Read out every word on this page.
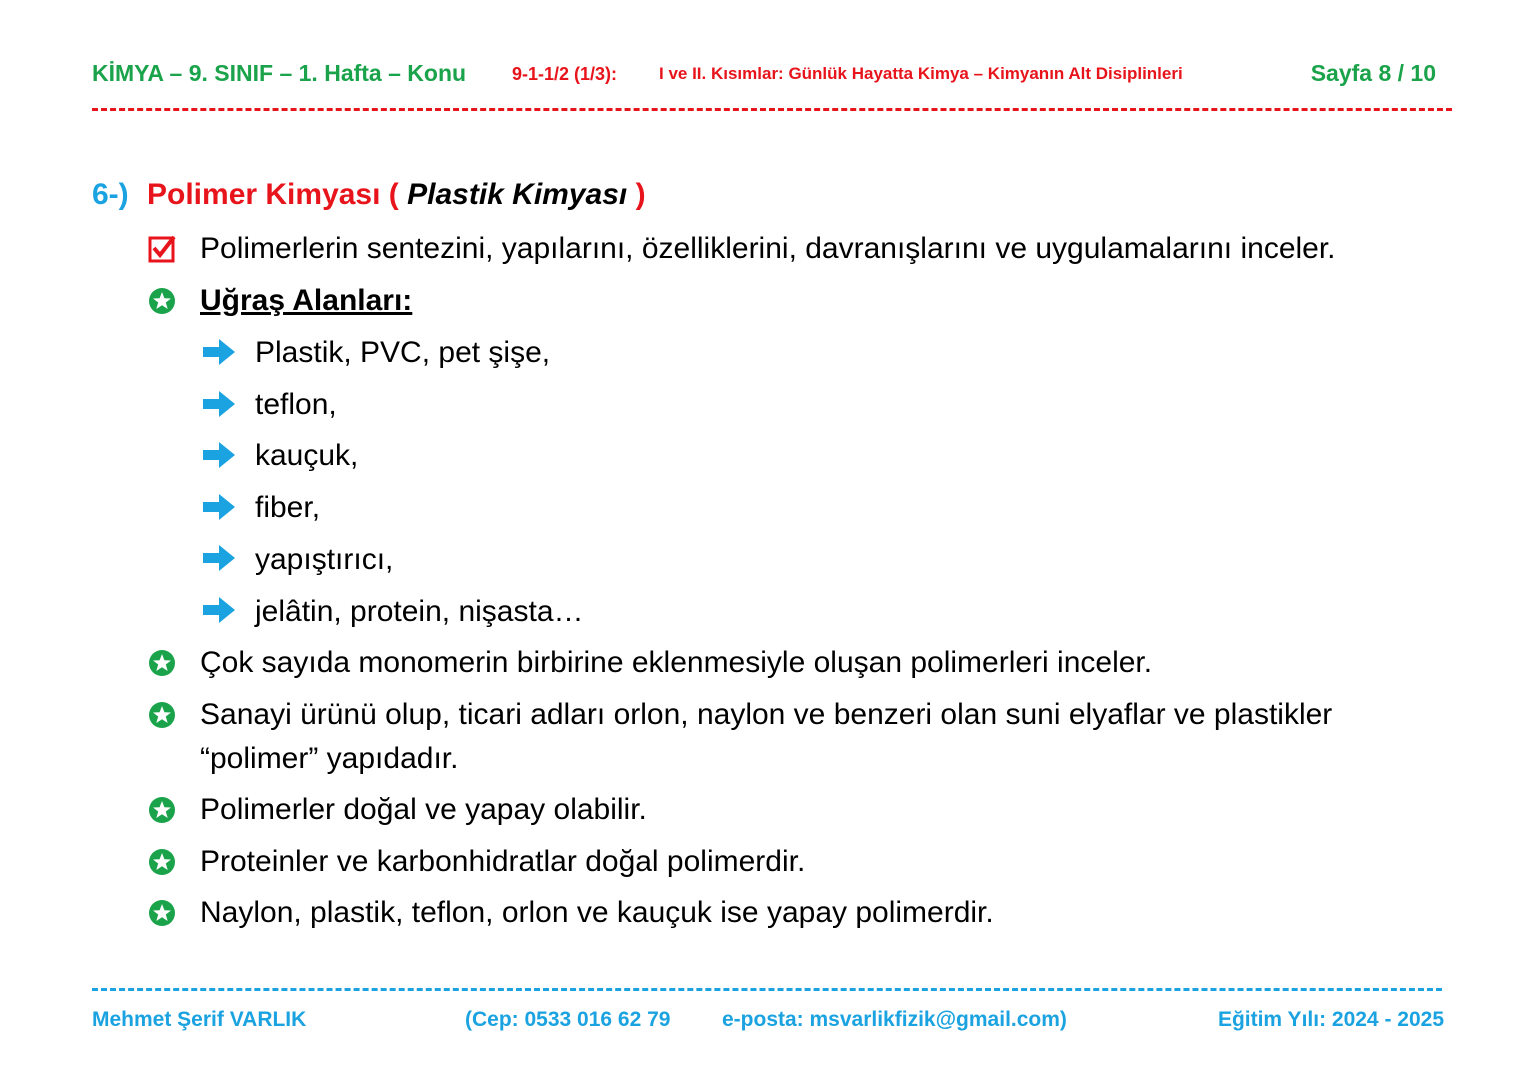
KİMYA – 9. SINIF – 1. Hafta – Konu	9-1-1/2 (1/3): I ve II. Kısımlar: Günlük Hayatta Kimya – Kimyanın Alt Disiplinleri	Sayfa 8 / 10
6-) Polimer Kimyası ( Plastik Kimyası )
Polimerlerin sentezini, yapılarını, özelliklerini, davranışlarını ve uygulamalarını inceler.
Uğraş Alanları:
Plastik, PVC, pet şişe,
teflon,
kauçuk,
fiber,
yapıştırıcı,
jelâtin, protein, nişasta…
Çok sayıda monomerin birbirine eklenmesiyle oluşan polimerleri inceler.
Sanayi ürünü olup, ticari adları orlon, naylon ve benzeri olan suni elyaflar ve plastikler
“polimer” yapıdadır.
Polimerler doğal ve yapay olabilir.
Proteinler ve karbonhidratlar doğal polimerdir.
Naylon, plastik, teflon, orlon ve kauçuk ise yapay polimerdir.
Mehmet Şerif VARLIK	(Cep: 0533 016 62 79 e-posta: msvarlikfizik@gmail.com)	Eğitim Yılı: 2024 - 2025
